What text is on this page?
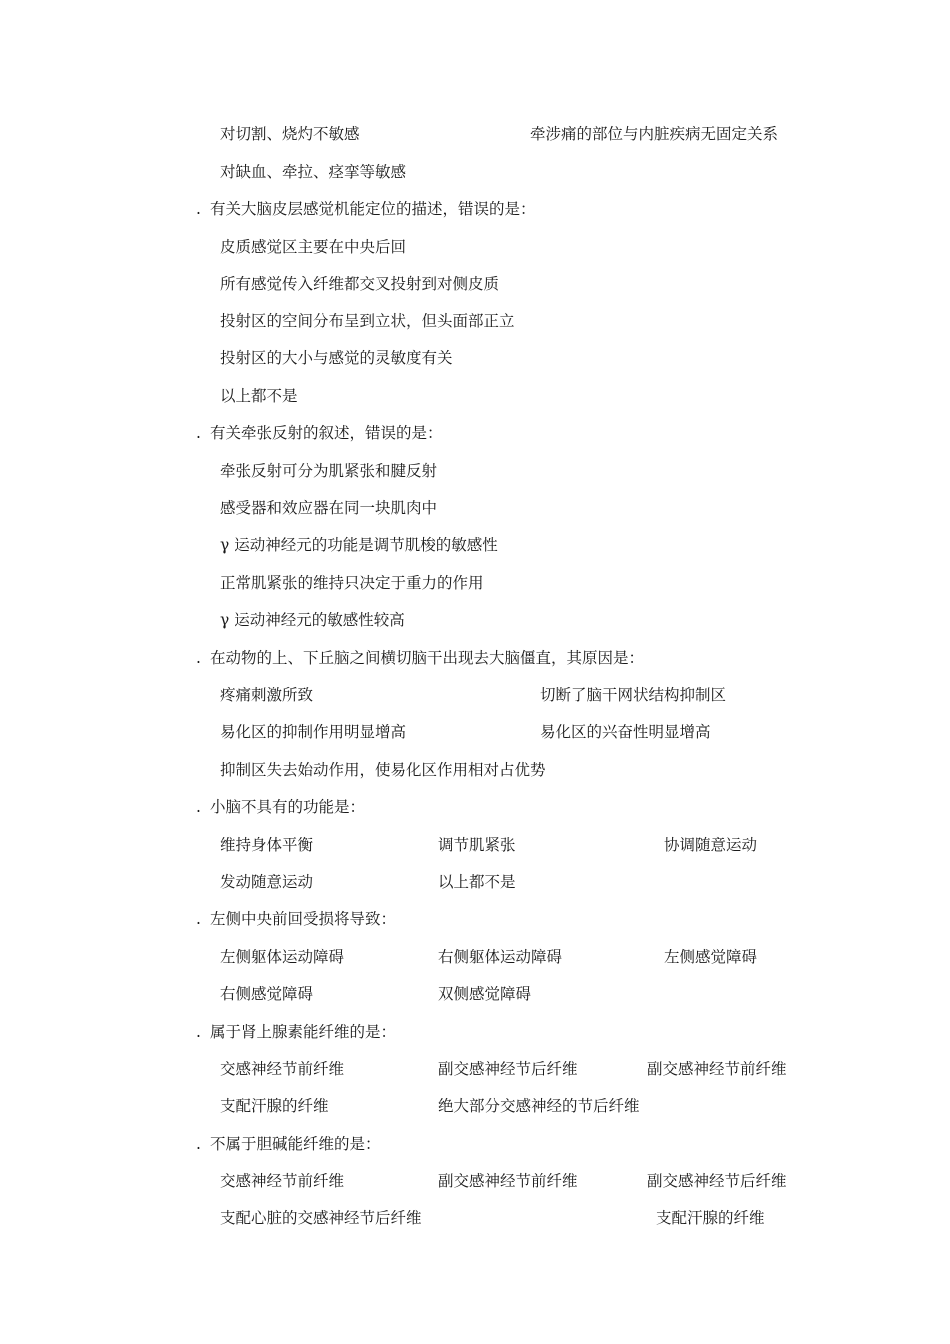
对切割、烧灼不敏感	牵涉痛的部位与内脏疾病无固定关系
对缺血、牵拉、痉挛等敏感
. 有关大脑皮层感觉机能定位的描述，错误的是：
皮质感觉区主要在中央后回
所有感觉传入纤维都交叉投射到对侧皮质
投射区的空间分布呈到立状，但头面部正立
投射区的大小与感觉的灵敏度有关
以上都不是
. 有关牵张反射的叙述，错误的是：
牵张反射可分为肌紧张和腱反射
感受器和效应器在同一块肌肉中
γ 运动神经元的功能是调节肌梭的敏感性
正常肌紧张的维持只决定于重力的作用
γ 运动神经元的敏感性较高
. 在动物的上、下丘脑之间横切脑干出现去大脑僵直，其原因是：
疼痛刺激所致	切断了脑干网状结构抑制区
易化区的抑制作用明显增高	易化区的兴奋性明显增高
抑制区失去始动作用，使易化区作用相对占优势
. 小脑不具有的功能是：
维持身体平衡	调节肌紧张	协调随意运动
发动随意运动	以上都不是
. 左侧中央前回受损将导致：
左侧躯体运动障碍	右侧躯体运动障碍	左侧感觉障碍
右侧感觉障碍	双侧感觉障碍
. 属于肾上腺素能纤维的是：
交感神经节前纤维	副交感神经节后纤维	副交感神经节前纤维
支配汗腺的纤维	绝大部分交感神经的节后纤维
. 不属于胆碱能纤维的是：
交感神经节前纤维	副交感神经节前纤维	副交感神经节后纤维
支配心脏的交感神经节后纤维	支配汗腺的纤维
